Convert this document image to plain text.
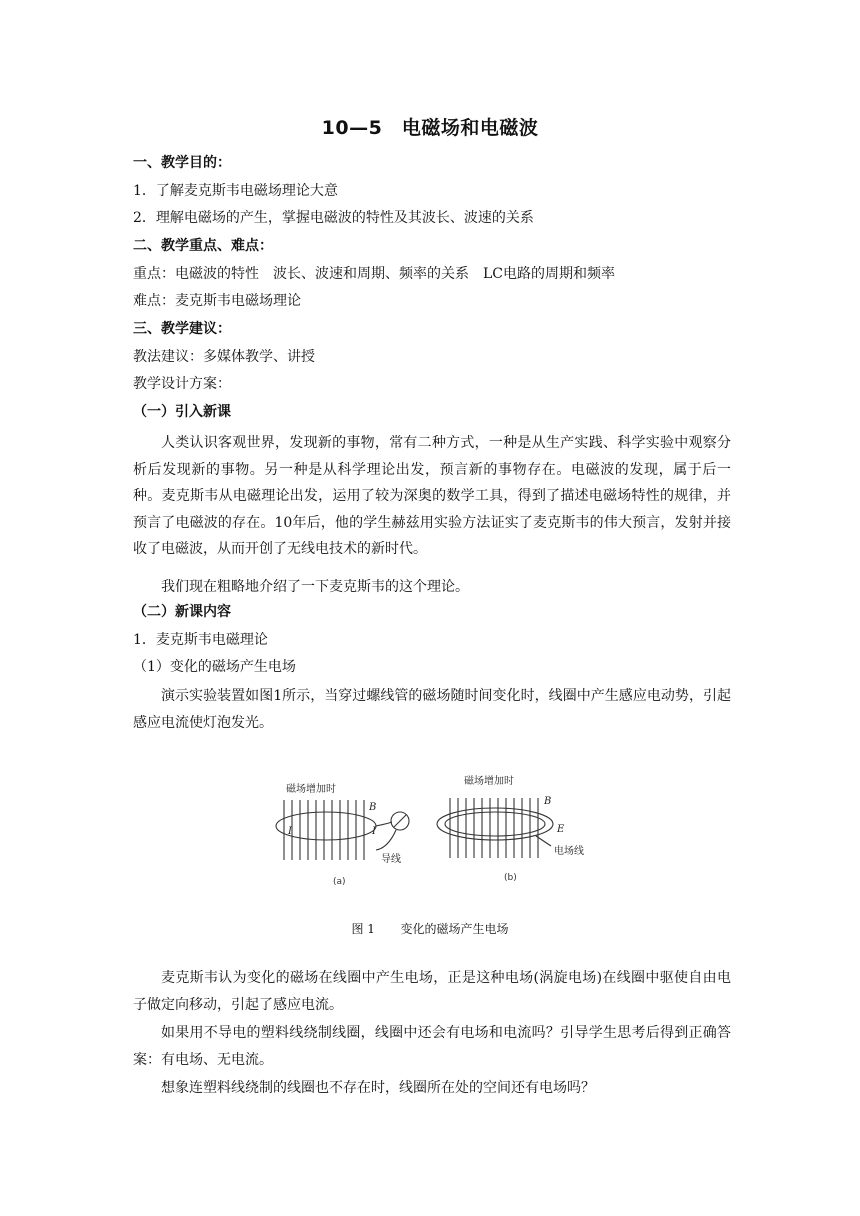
10—5　电磁场和电磁波
一、教学目的：
1．了解麦克斯韦电磁场理论大意
2．理解电磁场的产生，掌握电磁波的特性及其波长、波速的关系
二、教学重点、难点：
重点：电磁波的特性　波长、波速和周期、频率的关系　LC电路的周期和频率
难点：麦克斯韦电磁场理论
三、教学建议：
教法建议：多媒体教学、讲授
教学设计方案：
（一）引入新课
人类认识客观世界，发现新的事物，常有二种方式，一种是从生产实践、科学实验中观察分析后发现新的事物。另一种是从科学理论出发，预言新的事物存在。电磁波的发现，属于后一种。麦克斯韦从电磁理论出发，运用了较为深奥的数学工具，得到了描述电磁场特性的规律，并预言了电磁波的存在。10年后，他的学生赫兹用实验方法证实了麦克斯韦的伟大预言，发射并接收了电磁波，从而开创了无线电技术的新时代。
我们现在粗略地介绍了一下麦克斯韦的这个理论。
（二）新课内容
1．麦克斯韦电磁理论
（1）变化的磁场产生电场
演示实验装置如图1所示，当穿过螺线管的磁场随时间变化时，线圈中产生感应电动势，引起感应电流使灯泡发光。
磁场增加时
B
I	I
导线
(a)
磁场增加时
B
E
电场线
(b)
图 1 变化的磁场产生电场
麦克斯韦认为变化的磁场在线圈中产生电场，正是这种电场(涡旋电场)在线圈中驱使自由电子做定向移动，引起了感应电流。
如果用不导电的塑料线绕制线圈，线圈中还会有电场和电流吗？引导学生思考后得到正确答案：有电场、无电流。
想象连塑料线绕制的线圈也不存在时，线圈所在处的空间还有电场吗？
